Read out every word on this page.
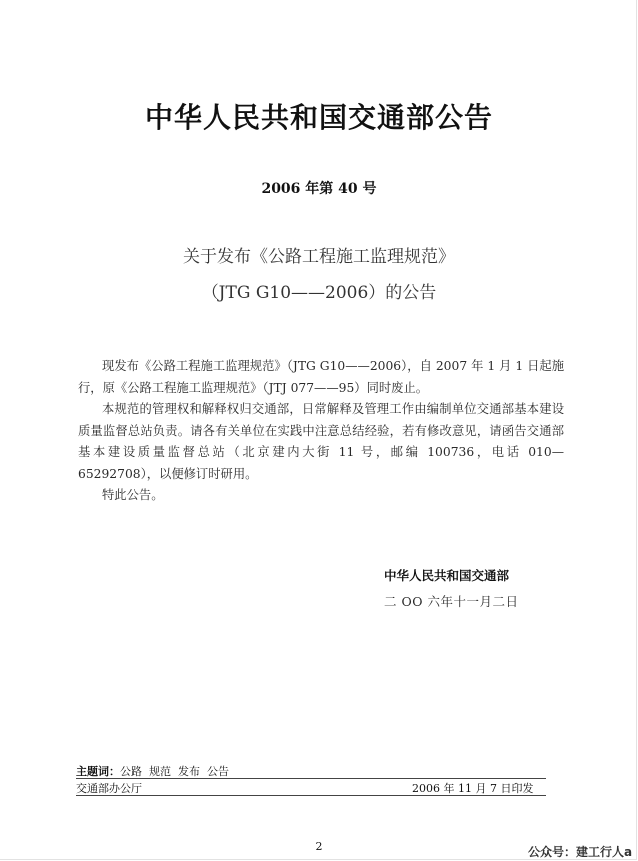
中华人民共和国交通部公告
2006 年第 40 号
关于发布《公路工程施工监理规范》
（JTG G10——2006）的公告

现发布《公路工程施工监理规范》（JTG G10——2006），自 2007 年 1 月 1 日起施行，原《公路工程施工监理规范》（JTJ 077——95）同时废止。

本规范的管理权和解释权归交通部，日常解释及管理工作由编制单位交通部基本建设质量监督总站负责。请各有关单位在实践中注意总结经验，若有修改意见，请函告交通部基本建设质量监督总站（北京建内大街 11 号，邮编 100736，电话 010—65292708），以便修订时研用。

特此公告。

中华人民共和国交通部
二 OO 六年十一月二日
主题词：公路  规范  发布  公告
交通部办公厅	2006 年 11 月 7 日印发
2	公众号：建工行人a
